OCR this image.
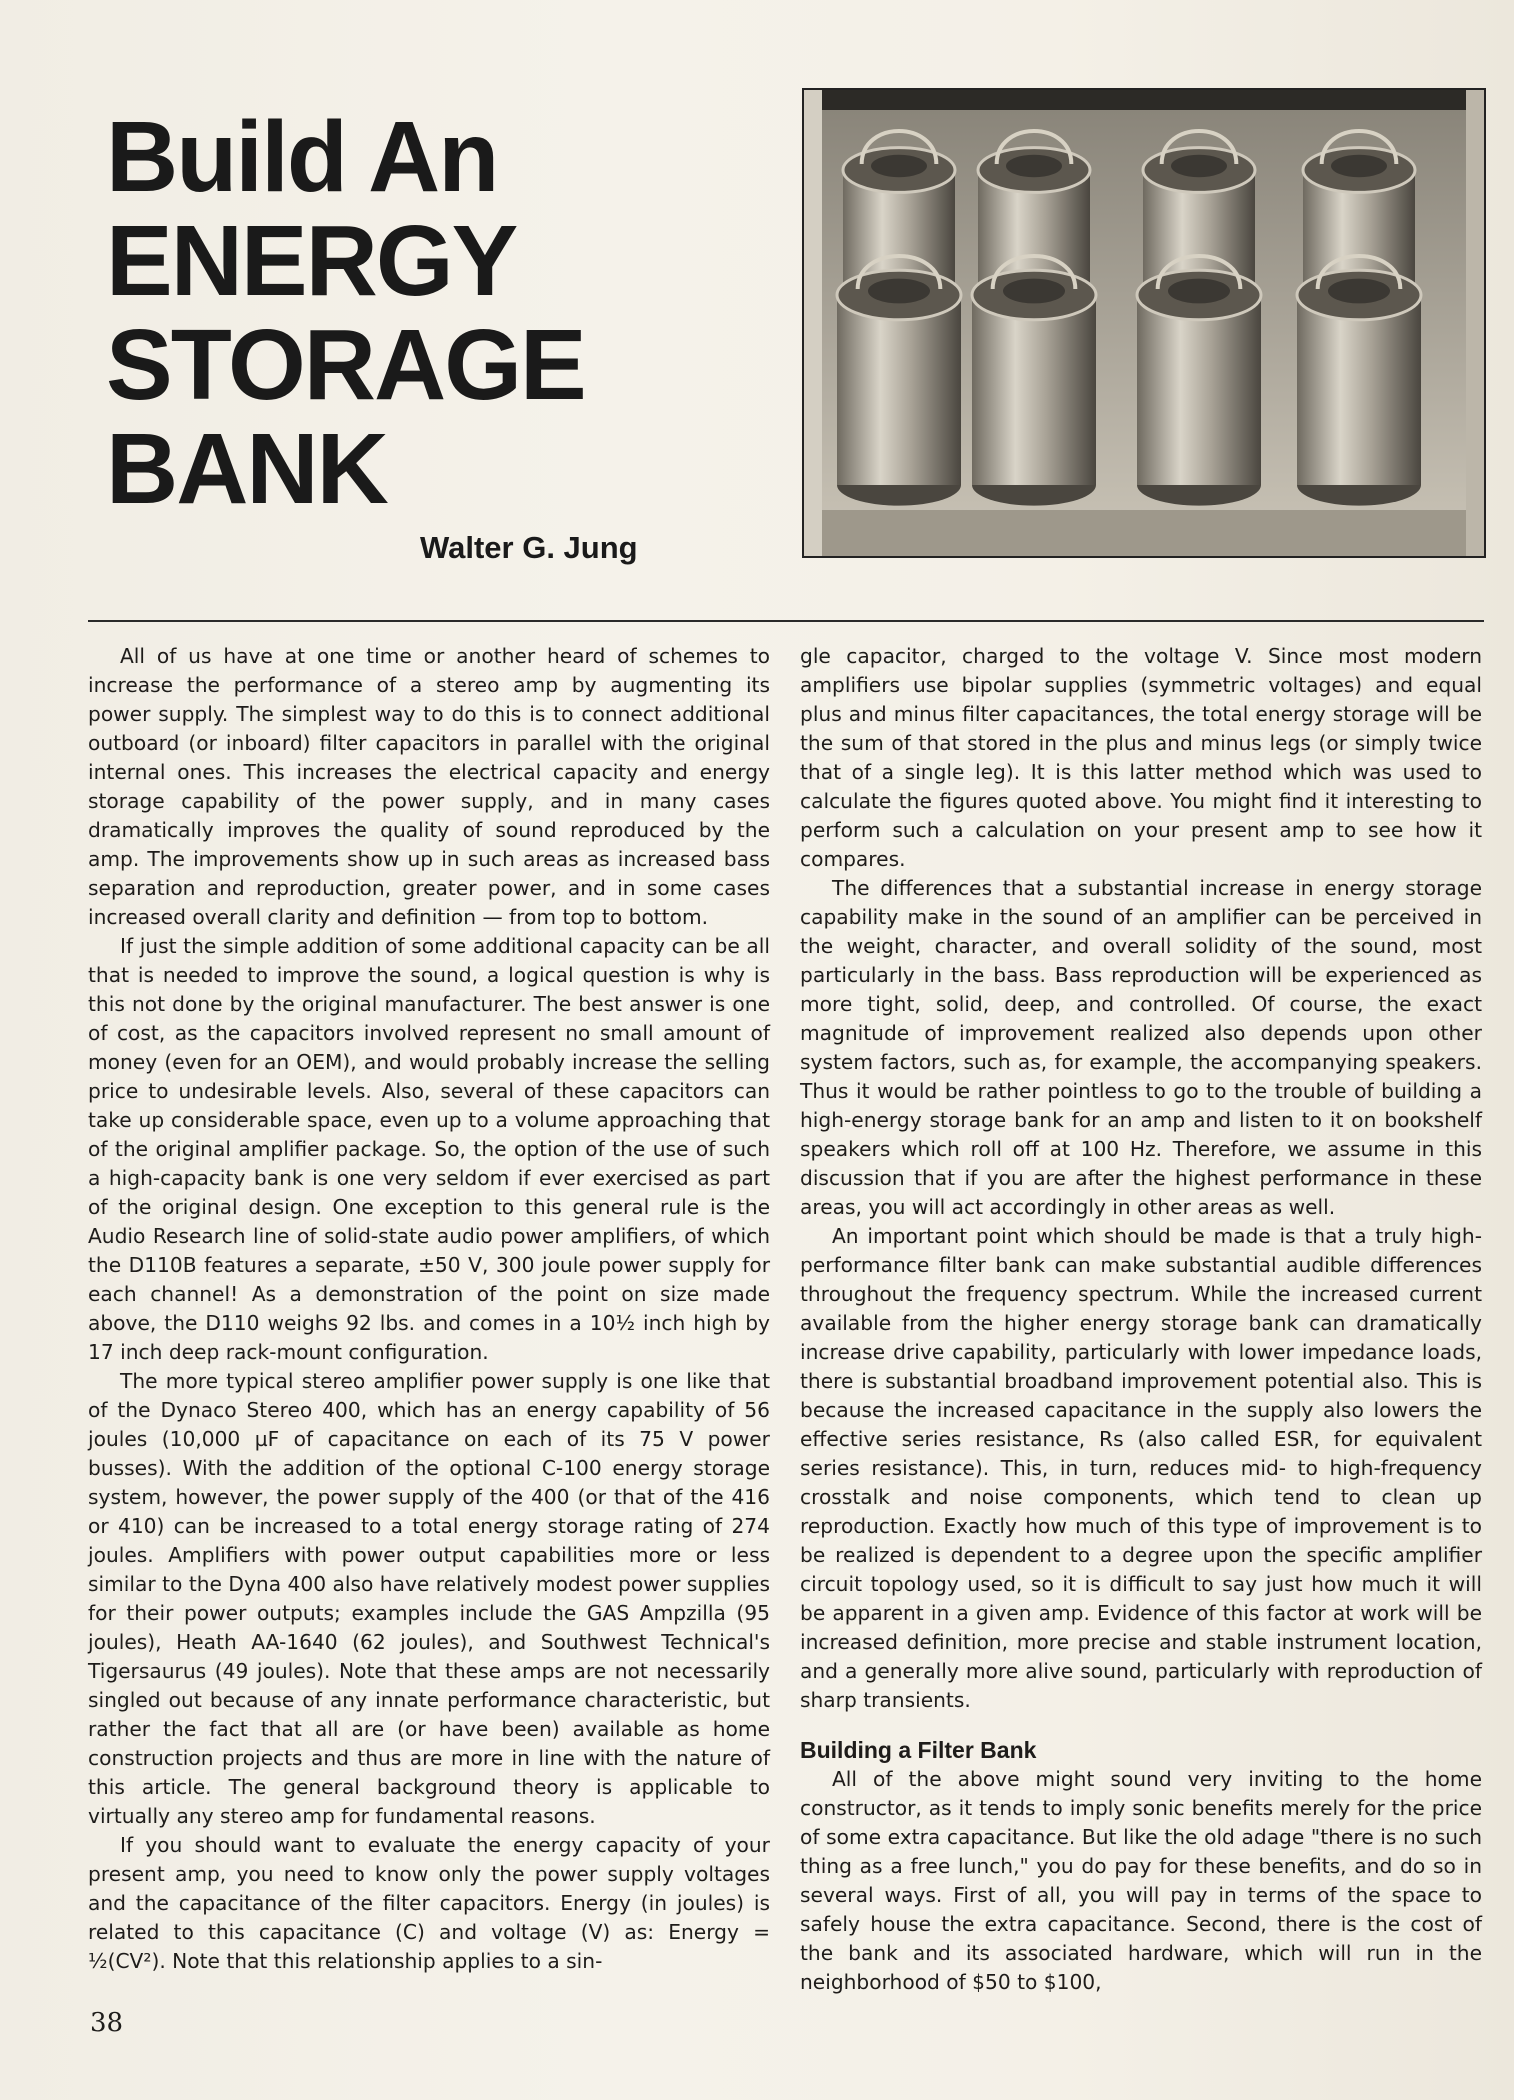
Build An
ENERGY
STORAGE
BANK
Walter G. Jung

All of us have at one time or another heard of schemes to increase the performance of a stereo amp by augmenting its power supply. The simplest way to do this is to connect additional outboard (or inboard) filter capacitors in parallel with the original internal ones. This increases the electrical capacity and energy storage capability of the power supply, and in many cases dramatically improves the quality of sound reproduced by the amp. The improvements show up in such areas as increased bass separation and reproduction, greater power, and in some cases increased overall clarity and definition — from top to bottom.

If just the simple addition of some additional capacity can be all that is needed to improve the sound, a logical question is why is this not done by the original manufacturer. The best answer is one of cost, as the capacitors involved represent no small amount of money (even for an OEM), and would probably increase the selling price to undesirable levels. Also, several of these capacitors can take up considerable space, even up to a volume approaching that of the original amplifier package. So, the option of the use of such a high-capacity bank is one very seldom if ever exercised as part of the original design. One exception to this general rule is the Audio Research line of solid-state audio power amplifiers, of which the D110B features a separate, ±50 V, 300 joule power supply for each channel! As a demonstration of the point on size made above, the D110 weighs 92 lbs. and comes in a 10½ inch high by 17 inch deep rack-mount configuration.

The more typical stereo amplifier power supply is one like that of the Dynaco Stereo 400, which has an energy capability of 56 joules (10,000 µF of capacitance on each of its 75 V power busses). With the addition of the optional C-100 energy storage system, however, the power supply of the 400 (or that of the 416 or 410) can be increased to a total energy storage rating of 274 joules. Amplifiers with power output capabilities more or less similar to the Dyna 400 also have relatively modest power supplies for their power outputs; examples include the GAS Ampzilla (95 joules), Heath AA-1640 (62 joules), and Southwest Technical's Tigersaurus (49 joules). Note that these amps are not necessarily singled out because of any innate performance characteristic, but rather the fact that all are (or have been) available as home construction projects and thus are more in line with the nature of this article. The general background theory is applicable to virtually any stereo amp for fundamental reasons.

If you should want to evaluate the energy capacity of your present amp, you need to know only the power supply voltages and the capacitance of the filter capacitors. Energy (in joules) is related to this capacitance (C) and voltage (V) as: Energy = ½(CV²). Note that this relationship applies to a sin-

gle capacitor, charged to the voltage V. Since most modern amplifiers use bipolar supplies (symmetric voltages) and equal plus and minus filter capacitances, the total energy storage will be the sum of that stored in the plus and minus legs (or simply twice that of a single leg). It is this latter method which was used to calculate the figures quoted above. You might find it interesting to perform such a calculation on your present amp to see how it compares.

The differences that a substantial increase in energy storage capability make in the sound of an amplifier can be perceived in the weight, character, and overall solidity of the sound, most particularly in the bass. Bass reproduction will be experienced as more tight, solid, deep, and controlled. Of course, the exact magnitude of improvement realized also depends upon other system factors, such as, for example, the accompanying speakers. Thus it would be rather pointless to go to the trouble of building a high-energy storage bank for an amp and listen to it on bookshelf speakers which roll off at 100 Hz. Therefore, we assume in this discussion that if you are after the highest performance in these areas, you will act accordingly in other areas as well.

An important point which should be made is that a truly high-performance filter bank can make substantial audible differences throughout the frequency spectrum. While the increased current available from the higher energy storage bank can dramatically increase drive capability, particularly with lower impedance loads, there is substantial broadband improvement potential also. This is because the increased capacitance in the supply also lowers the effective series resistance, Rs (also called ESR, for equivalent series resistance). This, in turn, reduces mid- to high-frequency crosstalk and noise components, which tend to clean up reproduction. Exactly how much of this type of improvement is to be realized is dependent to a degree upon the specific amplifier circuit topology used, so it is difficult to say just how much it will be apparent in a given amp. Evidence of this factor at work will be increased definition, more precise and stable instrument location, and a generally more alive sound, particularly with reproduction of sharp transients.

Building a Filter Bank

All of the above might sound very inviting to the home constructor, as it tends to imply sonic benefits merely for the price of some extra capacitance. But like the old adage "there is no such thing as a free lunch," you do pay for these benefits, and do so in several ways. First of all, you will pay in terms of the space to safely house the extra capacitance. Second, there is the cost of the bank and its associated hardware, which will run in the neighborhood of $50 to $100,

38
